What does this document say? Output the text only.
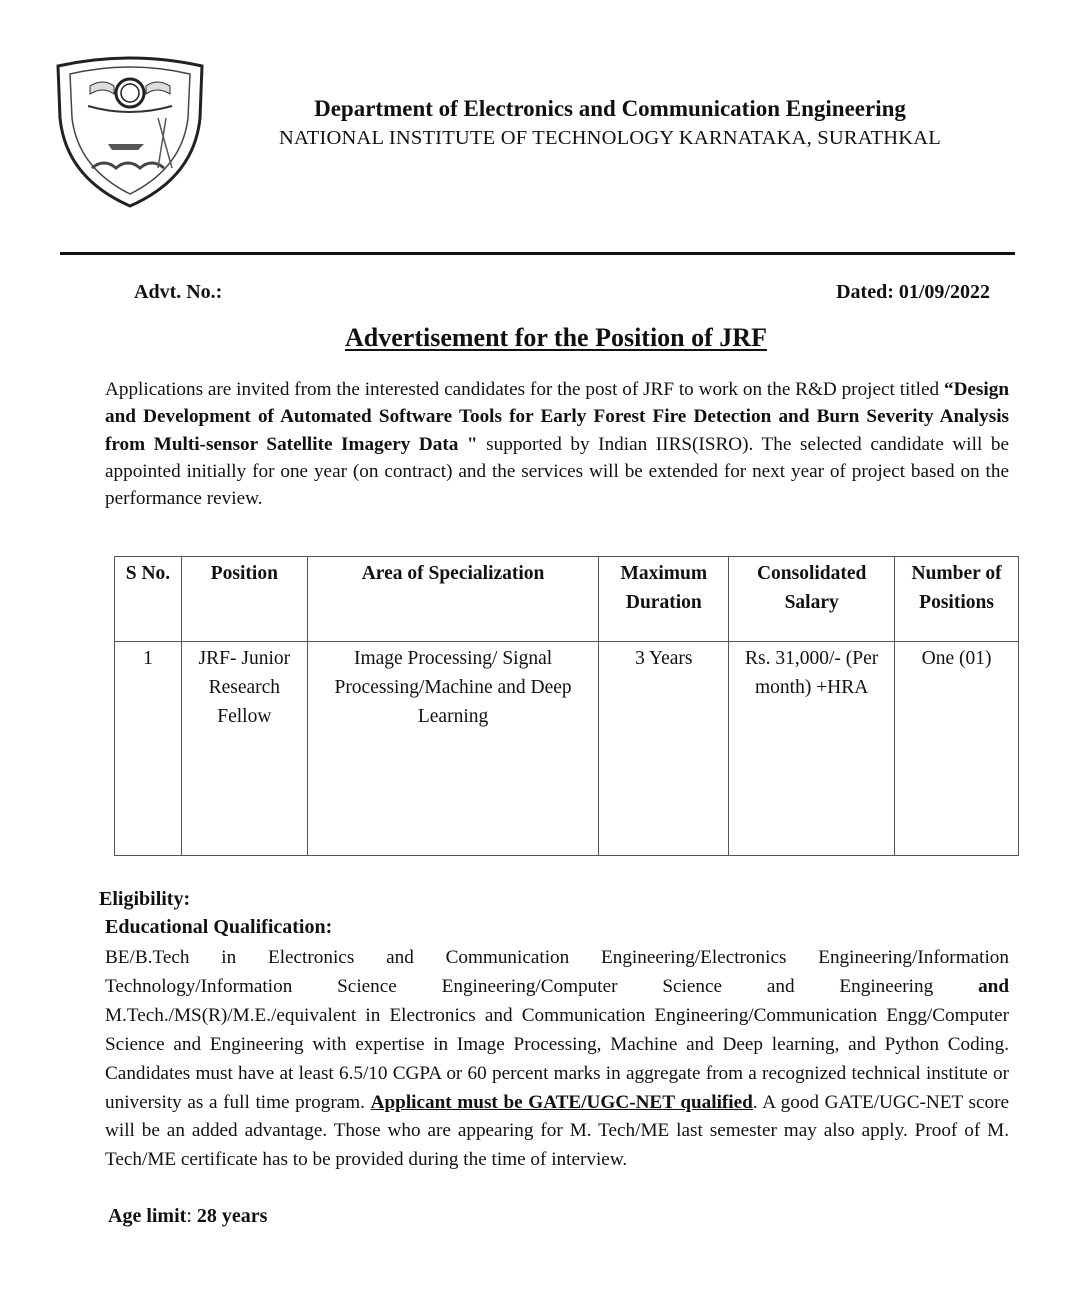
Department of Electronics and Communication Engineering
NATIONAL INSTITUTE OF TECHNOLOGY KARNATAKA, SURATHKAL
Advt. No.:	Dated: 01/09/2022
Advertisement for the Position of JRF
Applications are invited from the interested candidates for the post of JRF to work on the R&D project titled “Design and Development of Automated Software Tools for Early Forest Fire Detection and Burn Severity Analysis from Multi-sensor Satellite Imagery Data " supported by Indian IIRS(ISRO). The selected candidate will be appointed initially for one year (on contract) and the services will be extended for next year of project based on the performance review.
S No.	Position	Area of Specialization	Maximum Duration	Consolidated Salary	Number of Positions
1	JRF- Junior Research Fellow	Image Processing/ Signal Processing/Machine and Deep Learning	3 Years	Rs. 31,000/- (Per month) +HRA	One (01)
Eligibility:
Educational Qualification:
BE/B.Tech in Electronics and Communication Engineering/Electronics Engineering/Information Technology/Information Science Engineering/Computer Science and Engineering and M.Tech./MS(R)/M.E./equivalent in Electronics and Communication Engineering/Communication Engg/Computer Science and Engineering with expertise in Image Processing, Machine and Deep learning, and Python Coding. Candidates must have at least 6.5/10 CGPA or 60 percent marks in aggregate from a recognized technical institute or university as a full time program. Applicant must be GATE/UGC-NET qualified. A good GATE/UGC-NET score will be an added advantage. Those who are appearing for M. Tech/ME last semester may also apply. Proof of M. Tech/ME certificate has to be provided during the time of interview.
Age limit: 28 years
